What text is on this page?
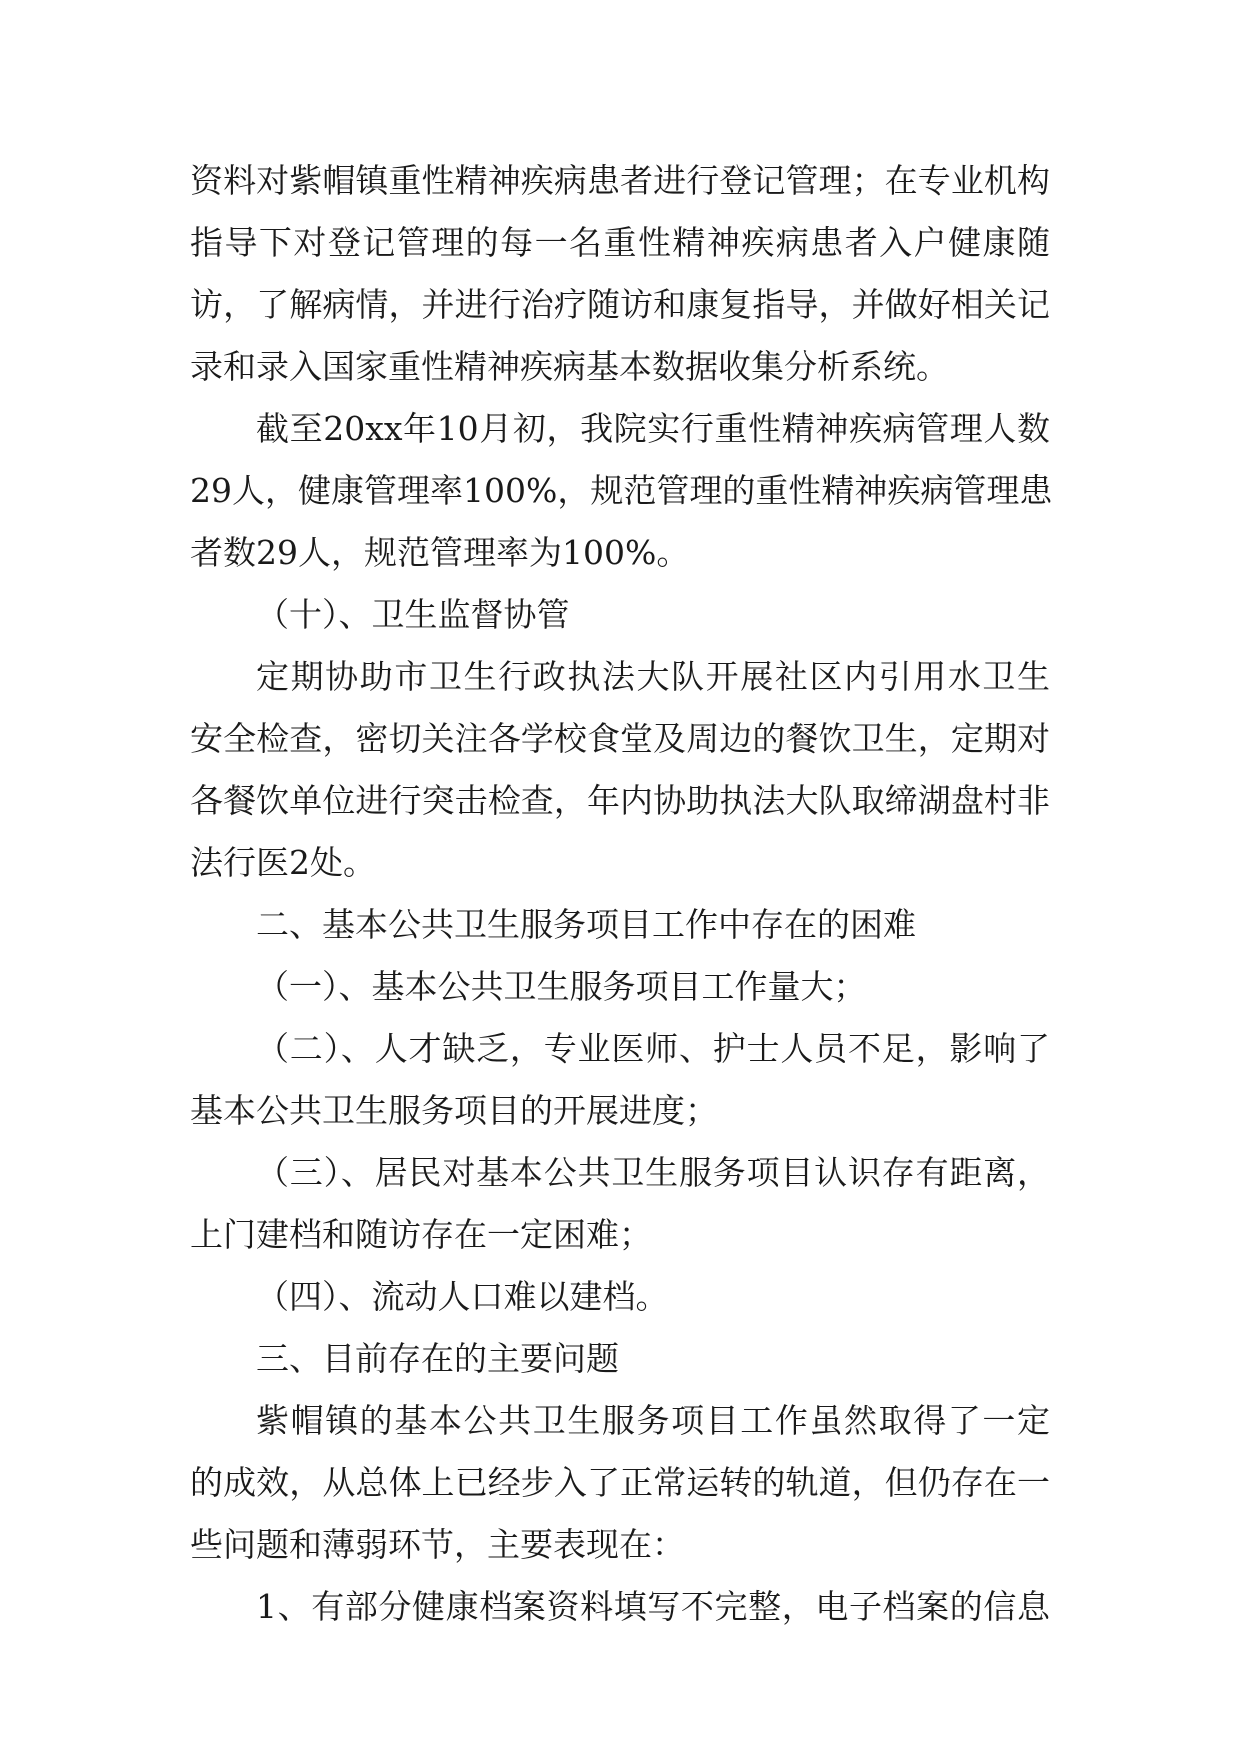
资料对紫帽镇重性精神疾病患者进行登记管理；在专业机构
指导下对登记管理的每一名重性精神疾病患者入户健康随
访，了解病情，并进行治疗随访和康复指导，并做好相关记
录和录入国家重性精神疾病基本数据收集分析系统。
截至20xx年10月初，我院实行重性精神疾病管理人数
29人，健康管理率100%，规范管理的重性精神疾病管理患
者数29人，规范管理率为100%。
（十）、卫生监督协管
定期协助市卫生行政执法大队开展社区内引用水卫生
安全检查，密切关注各学校食堂及周边的餐饮卫生，定期对
各餐饮单位进行突击检查，年内协助执法大队取缔湖盘村非
法行医2处。
二、基本公共卫生服务项目工作中存在的困难
（一）、基本公共卫生服务项目工作量大；
（二）、人才缺乏，专业医师、护士人员不足，影响了
基本公共卫生服务项目的开展进度；
（三）、居民对基本公共卫生服务项目认识存有距离，
上门建档和随访存在一定困难；
（四）、流动人口难以建档。
三、目前存在的主要问题
紫帽镇的基本公共卫生服务项目工作虽然取得了一定
的成效，从总体上已经步入了正常运转的轨道，但仍存在一
些问题和薄弱环节，主要表现在：
1、有部分健康档案资料填写不完整，电子档案的信息
